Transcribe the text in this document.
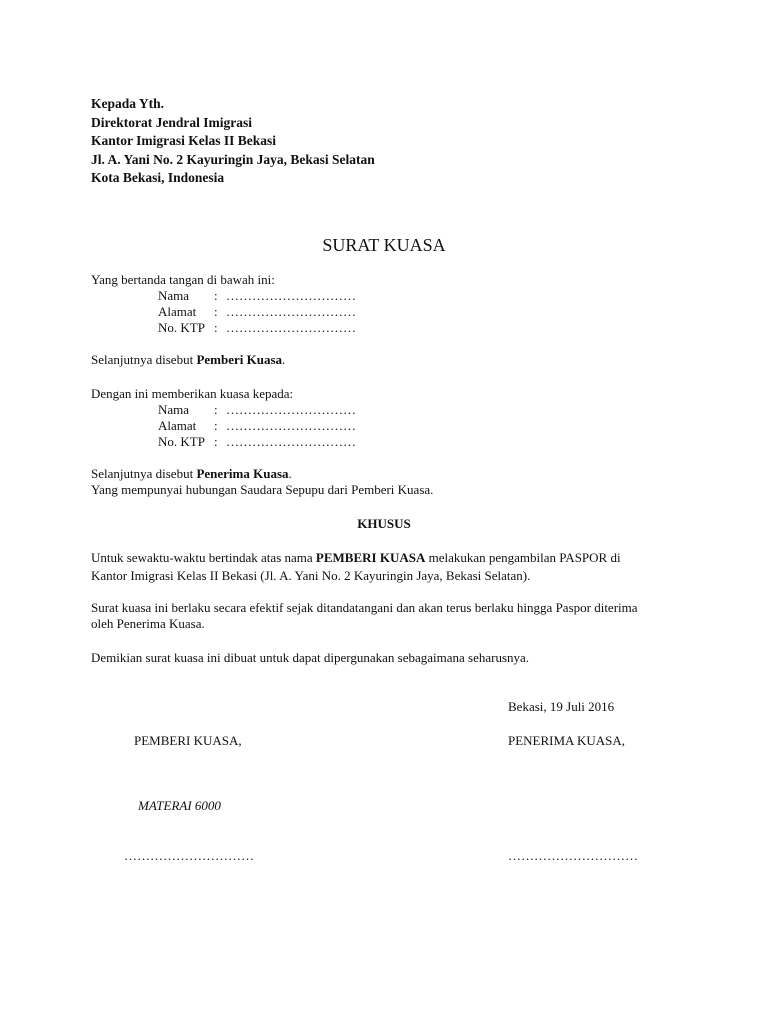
Kepada Yth.
Direktorat Jendral Imigrasi
Kantor Imigrasi Kelas II Bekasi
Jl. A. Yani No. 2 Kayuringin Jaya, Bekasi Selatan
Kota Bekasi, Indonesia
SURAT KUASA
Yang bertanda tangan di bawah ini:
Nama : …………………………
Alamat : …………………………
No. KTP : …………………………
Selanjutnya disebut Pemberi Kuasa.
Dengan ini memberikan kuasa kepada:
Nama : …………………………
Alamat : …………………………
No. KTP : …………………………
Selanjutnya disebut Penerima Kuasa.
Yang mempunyai hubungan Saudara Sepupu dari Pemberi Kuasa.
KHUSUS
Untuk sewaktu-waktu bertindak atas nama PEMBERI KUASA melakukan pengambilan PASPOR di
Kantor Imigrasi Kelas II Bekasi (Jl. A. Yani No. 2 Kayuringin Jaya, Bekasi Selatan).
Surat kuasa ini berlaku secara efektif sejak ditandatangani dan akan terus berlaku hingga Paspor diterima
oleh Penerima Kuasa.
Demikian surat kuasa ini dibuat untuk dapat dipergunakan sebagaimana seharusnya.
Bekasi, 19 Juli 2016
PEMBERI KUASA,	PENERIMA KUASA,
MATERAI 6000
…………………………	…………………………
